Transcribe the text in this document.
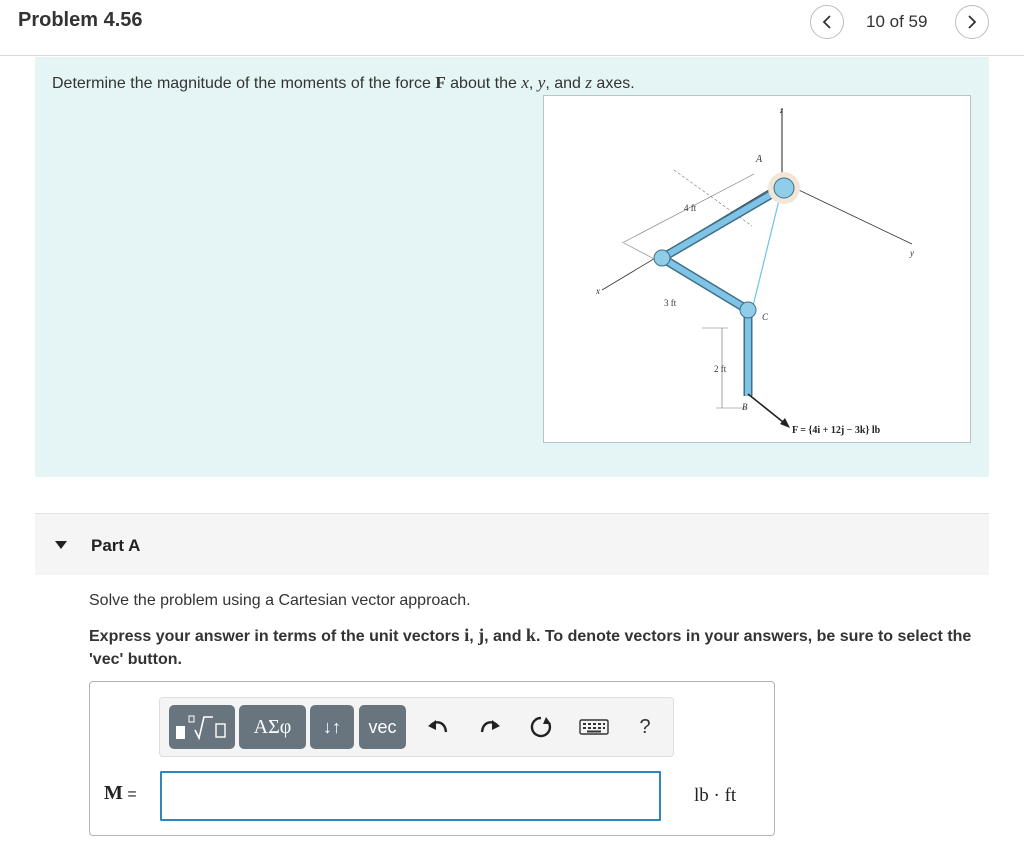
Problem 4.56	10 of 59
Determine the magnitude of the moments of the force F about the x, y, and z axes.
z
A
y
x
4 ft
3 ft
2 ft
B
C
F = {4i + 12j − 3k} lb
Part A
Solve the problem using a Cartesian vector approach.
Express your answer in terms of the unit vectors i, j, and k. To denote vectors in your answers, be sure to select the 'vec' button.
ΑΣφ	↓↑	vec	?
M =	lb · ft
